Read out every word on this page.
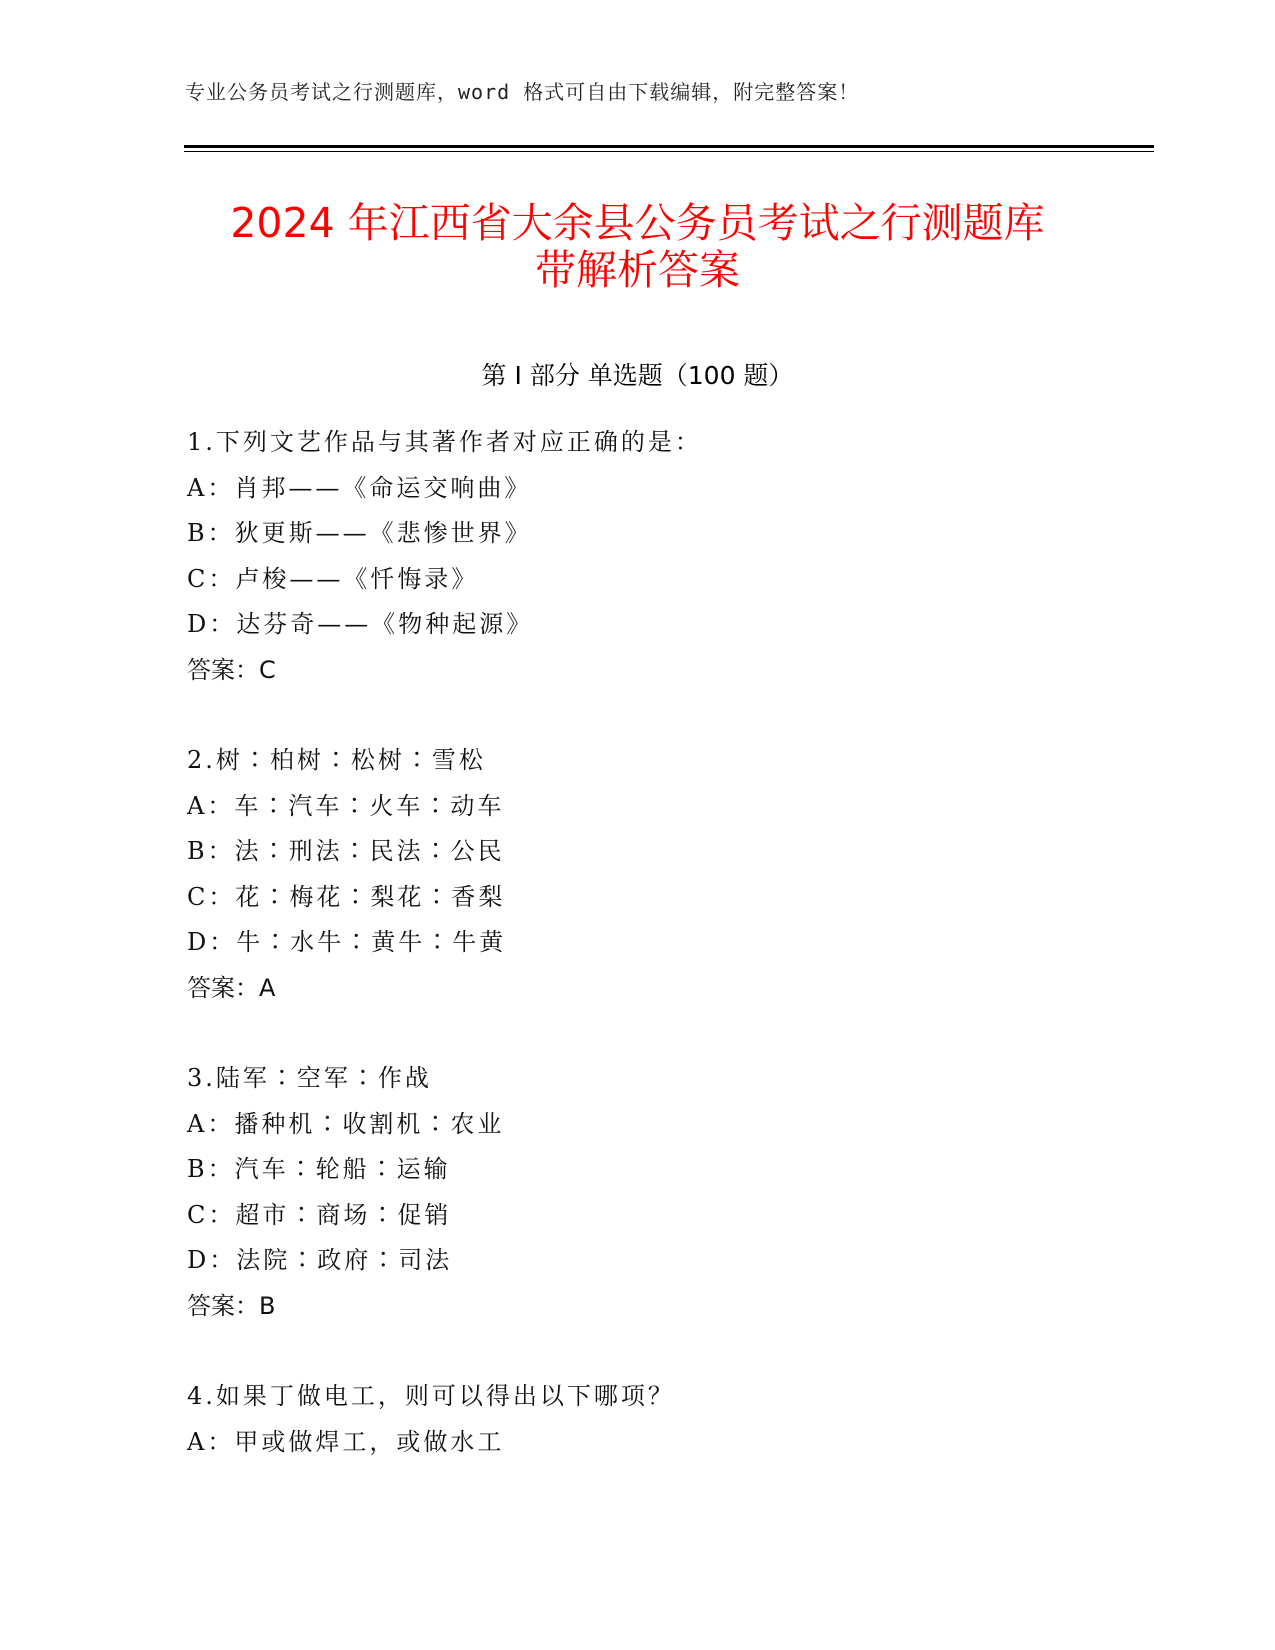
专业公务员考试之行测题库，word 格式可自由下载编辑，附完整答案！
2024 年江西省大余县公务员考试之行测题库
带解析答案
第 I 部分 单选题（100 题）
1.下列文艺作品与其著作者对应正确的是：
A：肖邦——《命运交响曲》
B：狄更斯——《悲惨世界》
C：卢梭——《忏悔录》
D：达芬奇——《物种起源》
答案：C
2.树∶柏树∶松树∶雪松
A：车∶汽车∶火车∶动车
B：法∶刑法∶民法∶公民
C：花∶梅花∶梨花∶香梨
D：牛∶水牛∶黄牛∶牛黄
答案：A
3.陆军∶空军∶作战
A：播种机∶收割机∶农业
B：汽车∶轮船∶运输
C：超市∶商场∶促销
D：法院∶政府∶司法
答案：B
4.如果丁做电工，则可以得出以下哪项？
A：甲或做焊工，或做水工
